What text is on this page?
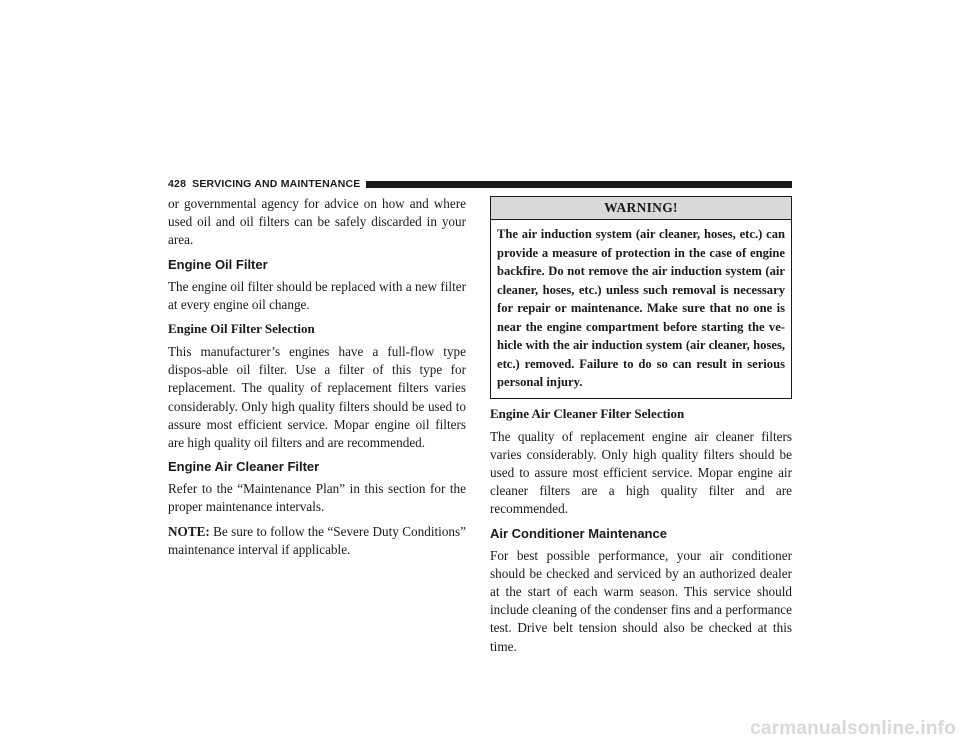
428 SERVICING AND MAINTENANCE

or governmental agency for advice on how and where used oil and oil filters can be safely discarded in your area.

Engine Oil Filter

The engine oil filter should be replaced with a new filter at every engine oil change.

Engine Oil Filter Selection

This manufacturer’s engines have a full-flow type dispos-able oil filter. Use a filter of this type for replacement. The quality of replacement filters varies considerably. Only high quality filters should be used to assure most efficient service. Mopar engine oil filters are high quality oil filters and are recommended.

Engine Air Cleaner Filter

Refer to the “Maintenance Plan” in this section for the proper maintenance intervals.

NOTE: Be sure to follow the “Severe Duty Conditions” maintenance interval if applicable.

WARNING!
The air induction system (air cleaner, hoses, etc.) can provide a measure of protection in the case of engine backfire. Do not remove the air induction system (air cleaner, hoses, etc.) unless such removal is necessary for repair or maintenance. Make sure that no one is near the engine compartment before starting the ve-hicle with the air induction system (air cleaner, hoses, etc.) removed. Failure to do so can result in serious personal injury.
Engine Air Cleaner Filter Selection

The quality of replacement engine air cleaner filters varies considerably. Only high quality filters should be used to assure most efficient service. Mopar engine air cleaner filters are a high quality filter and are recommended.

Air Conditioner Maintenance

For best possible performance, your air conditioner should be checked and serviced by an authorized dealer at the start of each warm season. This service should include cleaning of the condenser fins and a performance test. Drive belt tension should also be checked at this time.

carmanualsonline.info
